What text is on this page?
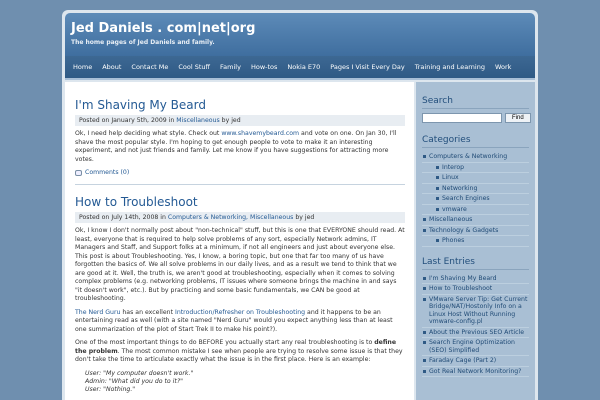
Jed Daniels . com|net|org
The home pages of Jed Daniels and family.
Home	About	Contact Me	Cool Stuff	Family	How-tos	Nokia E70	Pages I Visit Every Day	Training and Learning	Work
I'm Shaving My Beard
Posted on January 5th, 2009 in Miscellaneous by jed

Ok, I need help deciding what style. Check out www.shavemybeard.com and vote on one. On Jan 30, I'll shave the most popular style. I'm hoping to get enough people to vote to make it an interesting experiment, and not just friends and family. Let me know if you have suggestions for attracting more votes.

Comments (0)
How to Troubleshoot
Posted on July 14th, 2008 in Computers & Networking, Miscellaneous by jed

Ok, I know I don't normally post about "non-technical" stuff, but this is one that EVERYONE should read. At least, everyone that is required to help solve problems of any sort, especially Network admins, IT Managers and Staff, and Support folks at a minimum, if not all engineers and just about everyone else. This post is about Troubleshooting. Yes, I know, a boring topic, but one that far too many of us have forgotten the basics of. We all solve problems in our daily lives, and as a result we tend to think that we are good at it. Well, the truth is, we aren't good at troubleshooting, especially when it comes to solving complex problems (e.g. networking problems, IT issues where someone brings the machine in and says "it doesn't work", etc.). But by practicing and some basic fundamentals, we CAN be good at troubleshooting.

The Nerd Guru has an excellent Introduction/Refresher on Troubleshooting and it happens to be an entertaining read as well (with a site named "Nerd Guru" would you expect anything less than at least one summarization of the plot of Start Trek II to make his point?).

One of the most important things to do BEFORE you actually start any real troubleshooting is to define the problem. The most common mistake I see when people are trying to resolve some issue is that they don't take the time to articulate exactly what the issue is in the first place. Here is an example:

User: "My computer doesn't work."
Admin: "What did you do to it?"
User: "Nothing."
Search
Find
Categories
Computers & Networking
Interop
Linux
Networking
Search Engines
vmware
Miscellaneous
Technology & Gadgets
Phones
Last Entries
I'm Shaving My Beard
How to Troubleshoot
VMware Server Tip: Get Current Bridge/NAT/Hostonly Info on a Linux Host Without Running vmware-config.pl
About the Previous SEO Article
Search Engine Optimization (SEO) Simplified
Faraday Cage (Part 2)
Got Real Network Monitoring?
